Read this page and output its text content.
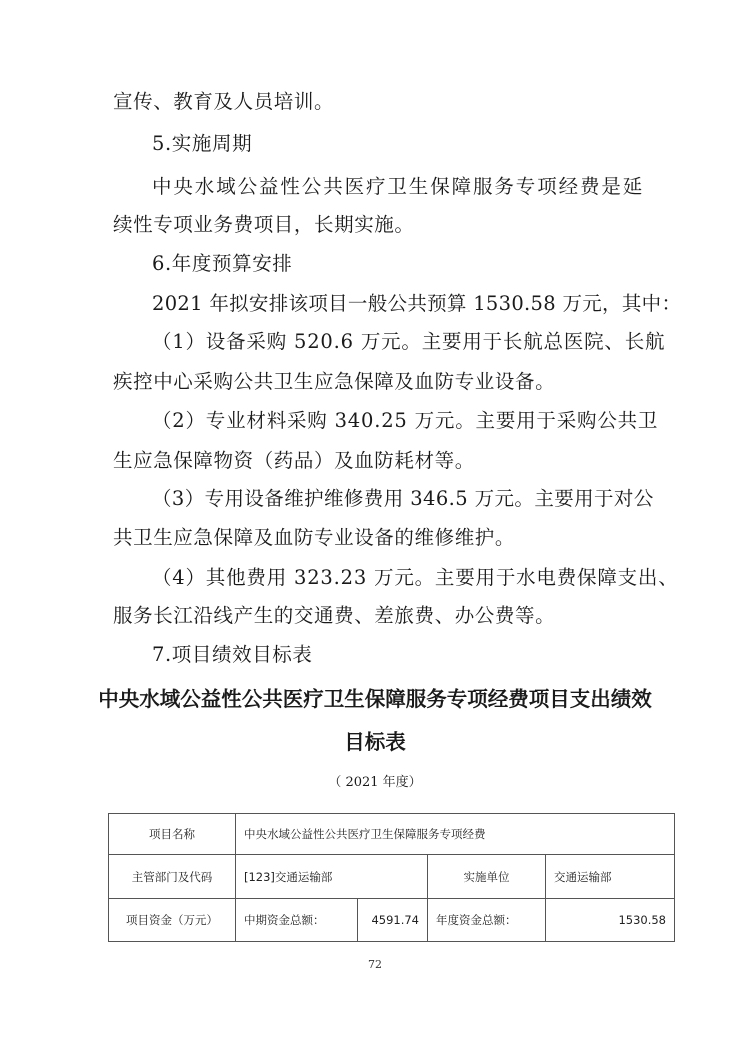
宣传、教育及人员培训。
5.实施周期
中央水域公益性公共医疗卫生保障服务专项经费是延
续性专项业务费项目，长期实施。
6.年度预算安排
2021 年拟安排该项目一般公共预算 1530.58 万元，其中：
（1）设备采购 520.6 万元。主要用于长航总医院、长航
疾控中心采购公共卫生应急保障及血防专业设备。
（2）专业材料采购 340.25 万元。主要用于采购公共卫
生应急保障物资（药品）及血防耗材等。
（3）专用设备维护维修费用 346.5 万元。主要用于对公
共卫生应急保障及血防专业设备的维修维护。
（4）其他费用 323.23 万元。主要用于水电费保障支出、
服务长江沿线产生的交通费、差旅费、办公费等。
7.项目绩效目标表
中央水域公益性公共医疗卫生保障服务专项经费项目支出绩效
目标表
（ 2021 年度）
项目名称	中央水域公益性公共医疗卫生保障服务专项经费			
主管部门及代码	[123]交通运输部		实施单位	交通运输部
项目资金（万元）	中期资金总额：	4591.74	年度资金总额：	1530.58
72
